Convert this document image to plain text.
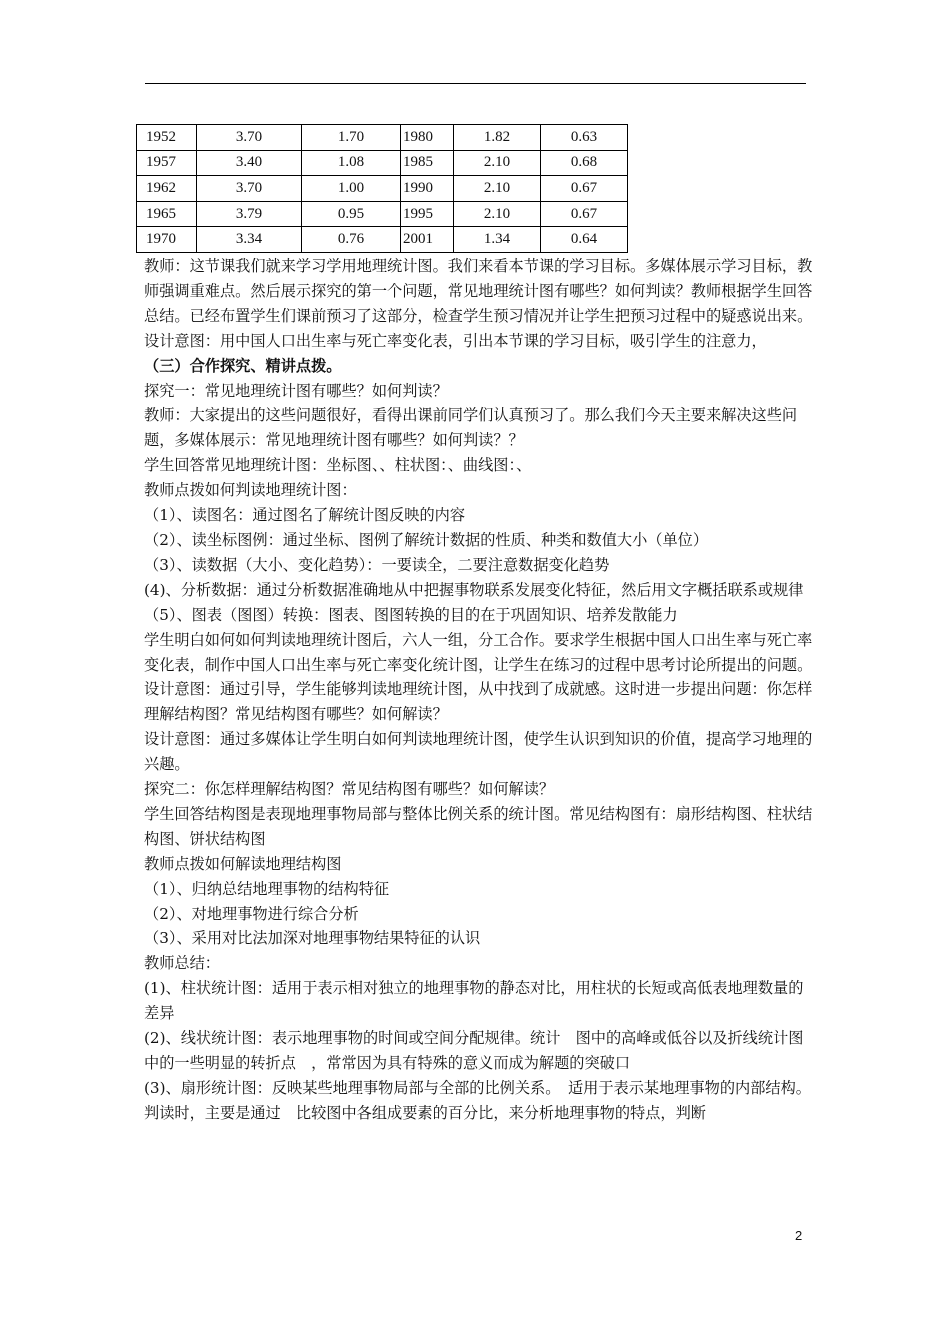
1952	3.70	1.70	1980	1.82	0.63
1957	3.40	1.08	1985	2.10	0.68
1962	3.70	1.00	1990	2.10	0.67
1965	3.79	0.95	1995	2.10	0.67
1970	3.34	0.76	2001	1.34	0.64

教师：这节课我们就来学习学用地理统计图。我们来看本节课的学习目标。多媒体展示学习目标，教师强调重难点。然后展示探究的第一个问题，常见地理统计图有哪些？如何判读？教师根据学生回答总结。已经布置学生们课前预习了这部分，检查学生预习情况并让学生把预习过程中的疑惑说出来。

设计意图：用中国人口出生率与死亡率变化表，引出本节课的学习目标，吸引学生的注意力，

（三）合作探究、精讲点拨。

探究一：常见地理统计图有哪些？如何判读？

教师：大家提出的这些问题很好，看得出课前同学们认真预习了。那么我们今天主要来解决这些问题，多媒体展示：常见地理统计图有哪些？如何判读？？

学生回答常见地理统计图：坐标图、、柱状图：、曲线图：、

教师点拨如何判读地理统计图：

（1）、读图名：通过图名了解统计图反映的内容

（2）、读坐标图例：通过坐标、图例了解统计数据的性质、种类和数值大小（单位）

（3）、读数据（大小、变化趋势）：一要读全，二要注意数据变化趋势

(4)、分析数据：通过分析数据准确地从中把握事物联系发展变化特征，然后用文字概括联系或规律

（5）、图表（图图）转换：图表、图图转换的目的在于巩固知识、培养发散能力

学生明白如何如何判读地理统计图后，六人一组，分工合作。要求学生根据中国人口出生率与死亡率变化表，制作中国人口出生率与死亡率变化统计图，让学生在练习的过程中思考讨论所提出的问题。

设计意图：通过引导，学生能够判读地理统计图，从中找到了成就感。这时进一步提出问题：你怎样理解结构图？常见结构图有哪些？如何解读？

设计意图：通过多媒体让学生明白如何判读地理统计图，使学生认识到知识的价值，提高学习地理的兴趣。

探究二：你怎样理解结构图？常见结构图有哪些？如何解读？

学生回答结构图是表现地理事物局部与整体比例关系的统计图。常见结构图有：扇形结构图、柱状结构图、饼状结构图

教师点拨如何解读地理结构图

（1）、归纳总结地理事物的结构特征

（2）、对地理事物进行综合分析

（3）、采用对比法加深对地理事物结果特征的认识

教师总结：

(1)、柱状统计图：适用于表示相对独立的地理事物的静态对比，用柱状的长短或高低表地理数量的差异

(2)、线状统计图：表示地理事物的时间或空间分配规律。统计　图中的高峰或低谷以及折线统计图中的一些明显的转折点　，常常因为具有特殊的意义而成为解题的突破口

(3)、扇形统计图：反映某些地理事物局部与全部的比例关系。　适用于表示某地理事物的内部结构。判读时，主要是通过　比较图中各组成要素的百分比，来分析地理事物的特点，判断

2
